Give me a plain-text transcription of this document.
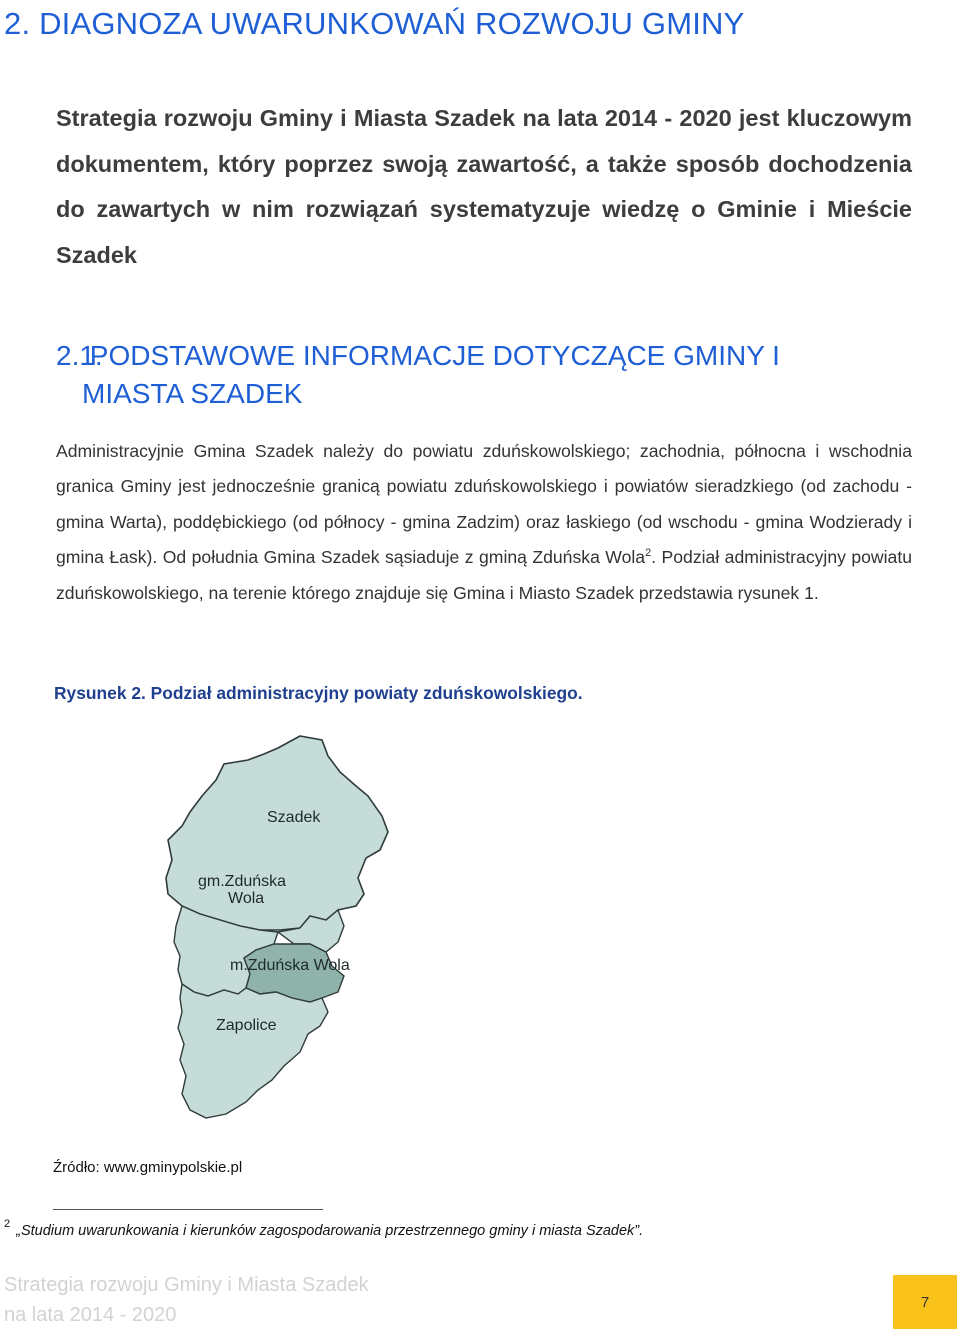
2. DIAGNOZA UWARUNKOWAŃ ROZWOJU GMINY
Strategia rozwoju Gminy i Miasta Szadek na lata 2014 - 2020 jest kluczowym dokumentem, który poprzez swoją zawartość, a także sposób dochodzenia do zawartych w nim rozwiązań systematyzuje wiedzę o Gminie i Mieście Szadek
2.1. PODSTAWOWE INFORMACJE DOTYCZĄCE GMINY I
MIASTA SZADEK
Administracyjnie Gmina Szadek należy do powiatu zduńskowolskiego; zachodnia, północna i wschodnia granica Gminy jest jednocześnie granicą powiatu zduńskowolskiego i powiatów sieradzkiego (od zachodu - gmina Warta), poddębickiego (od północy - gmina Zadzim) oraz łaskiego (od wschodu - gmina Wodzierady i gmina Łask). Od południa Gmina Szadek sąsiaduje z gminą Zduńska Wola$^2$. Podział administracyjny powiatu zduńskowolskiego, na terenie którego znajduje się Gmina i Miasto Szadek przedstawia rysunek 1.
Rysunek 2. Podział administracyjny powiaty zduńskowolskiego.
Szadek
gm.Zduńska
Wola
m.Zduńska Wola
Zapolice
Źródło: www.gminypolskie.pl
$^2$ „Studium uwarunkowania i kierunków zagospodarowania przestrzennego gminy i miasta Szadek”.
Strategia rozwoju Gminy i Miasta Szadek
na lata 2014 - 2020
7
